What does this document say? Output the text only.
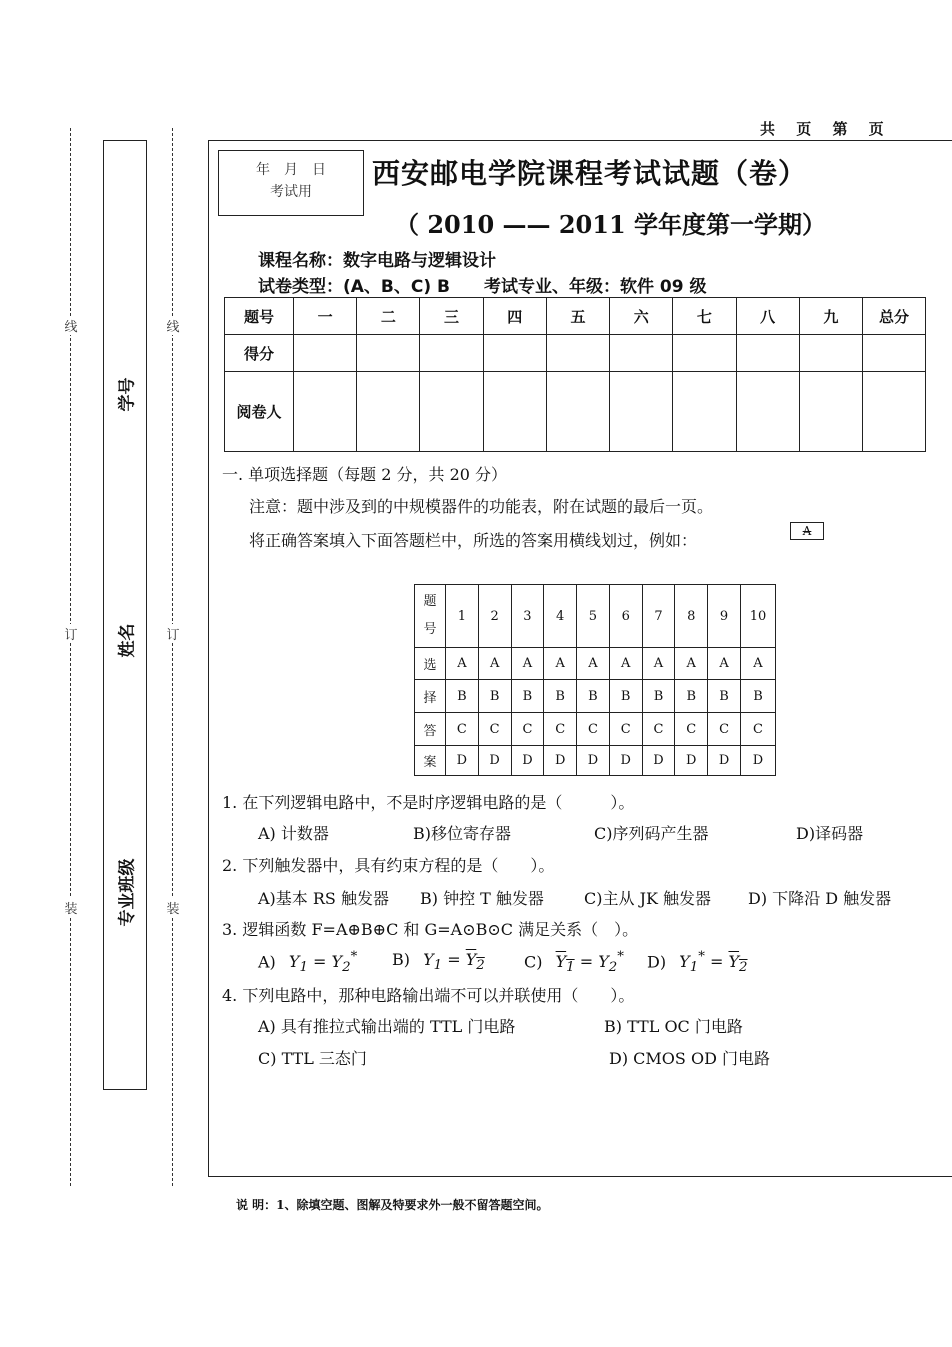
共 页 第 页
线	线
订	订
装	装
学号
姓名
专业班级
年　月　日
考试用
西安邮电学院课程考试试题（卷）
（ 2010 —— 2011 学年度第一学期）
课程名称：数字电路与逻辑设计
试卷类型：(A、B、C) B　　考试专业、年级：软件 09 级
题号	一	二	三	四	五	六	七	八	九	总分
得分										
阅卷人										
一. 单项选择题（每题 2 分，共 20 分）
注意：题中涉及到的中规模器件的功能表，附在试题的最后一页。
将正确答案填入下面答题栏中，所选的答案用横线划过，例如：	A
题
号	1	2	3	4	5	6	7	8	9	10
选	A	A	A	A	A	A	A	A	A	A
择	B	B	B	B	B	B	B	B	B	B
答	C	C	C	C	C	C	C	C	C	C
案	D	D	D	D	D	D	D	D	D	D
1. 在下列逻辑电路中，不是时序逻辑电路的是（　　　）。
A) 计数器	B)移位寄存器	C)序列码产生器	D)译码器
2. 下列触发器中，具有约束方程的是（　　）。
A)基本 RS 触发器 B) 钟控 T 触发器	C)主从 JK 触发器 D) 下降沿 D 触发器
3. 逻辑函数 F=A⊕B⊕C 和 G=A⊙B⊙C 满足关系（　）。
A) $Y_1 = Y_2^*$ B) $Y_1 = Y_2$ C) $Y_1 = Y_2^*$ D) $Y_1^* = Y_2$
4. 下列电路中，那种电路输出端不可以并联使用（　　）。
A) 具有推拉式输出端的 TTL 门电路	B) TTL OC 门电路
C) TTL 三态门	D) CMOS OD 门电路
说 明：1、除填空题、图解及特要求外一般不留答题空间。
